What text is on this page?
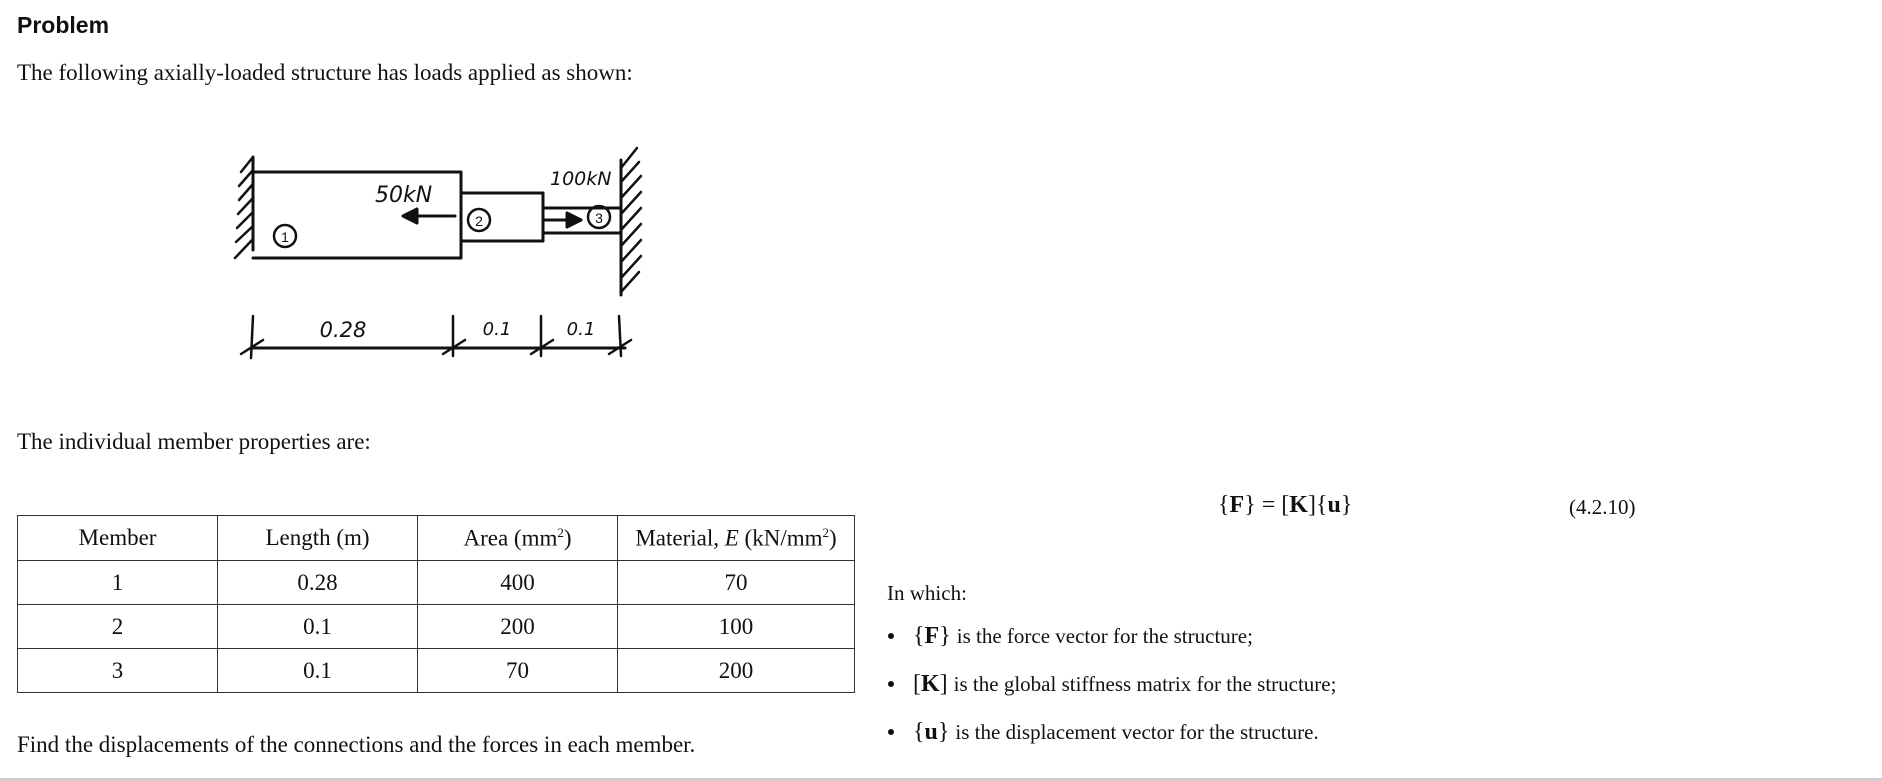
Problem
The following axially-loaded structure has loads applied as shown:
1
50kN
2
100kN
3
0.28	0.1	0.1
The individual member properties are:
Member	Length (m)	Area $(mm^2)$	Material, E $(kN/mm^2)$
1	0.28	400	70
2	0.1	200	100
3	0.1	70	200
Find the displacements of the connections and the forces in each member.
{F} = [K]{u}	(4.2.10)
In which:
{F} is the force vector for the structure;
[K] is the global stiffness matrix for the structure;
{u} is the displacement vector for the structure.
